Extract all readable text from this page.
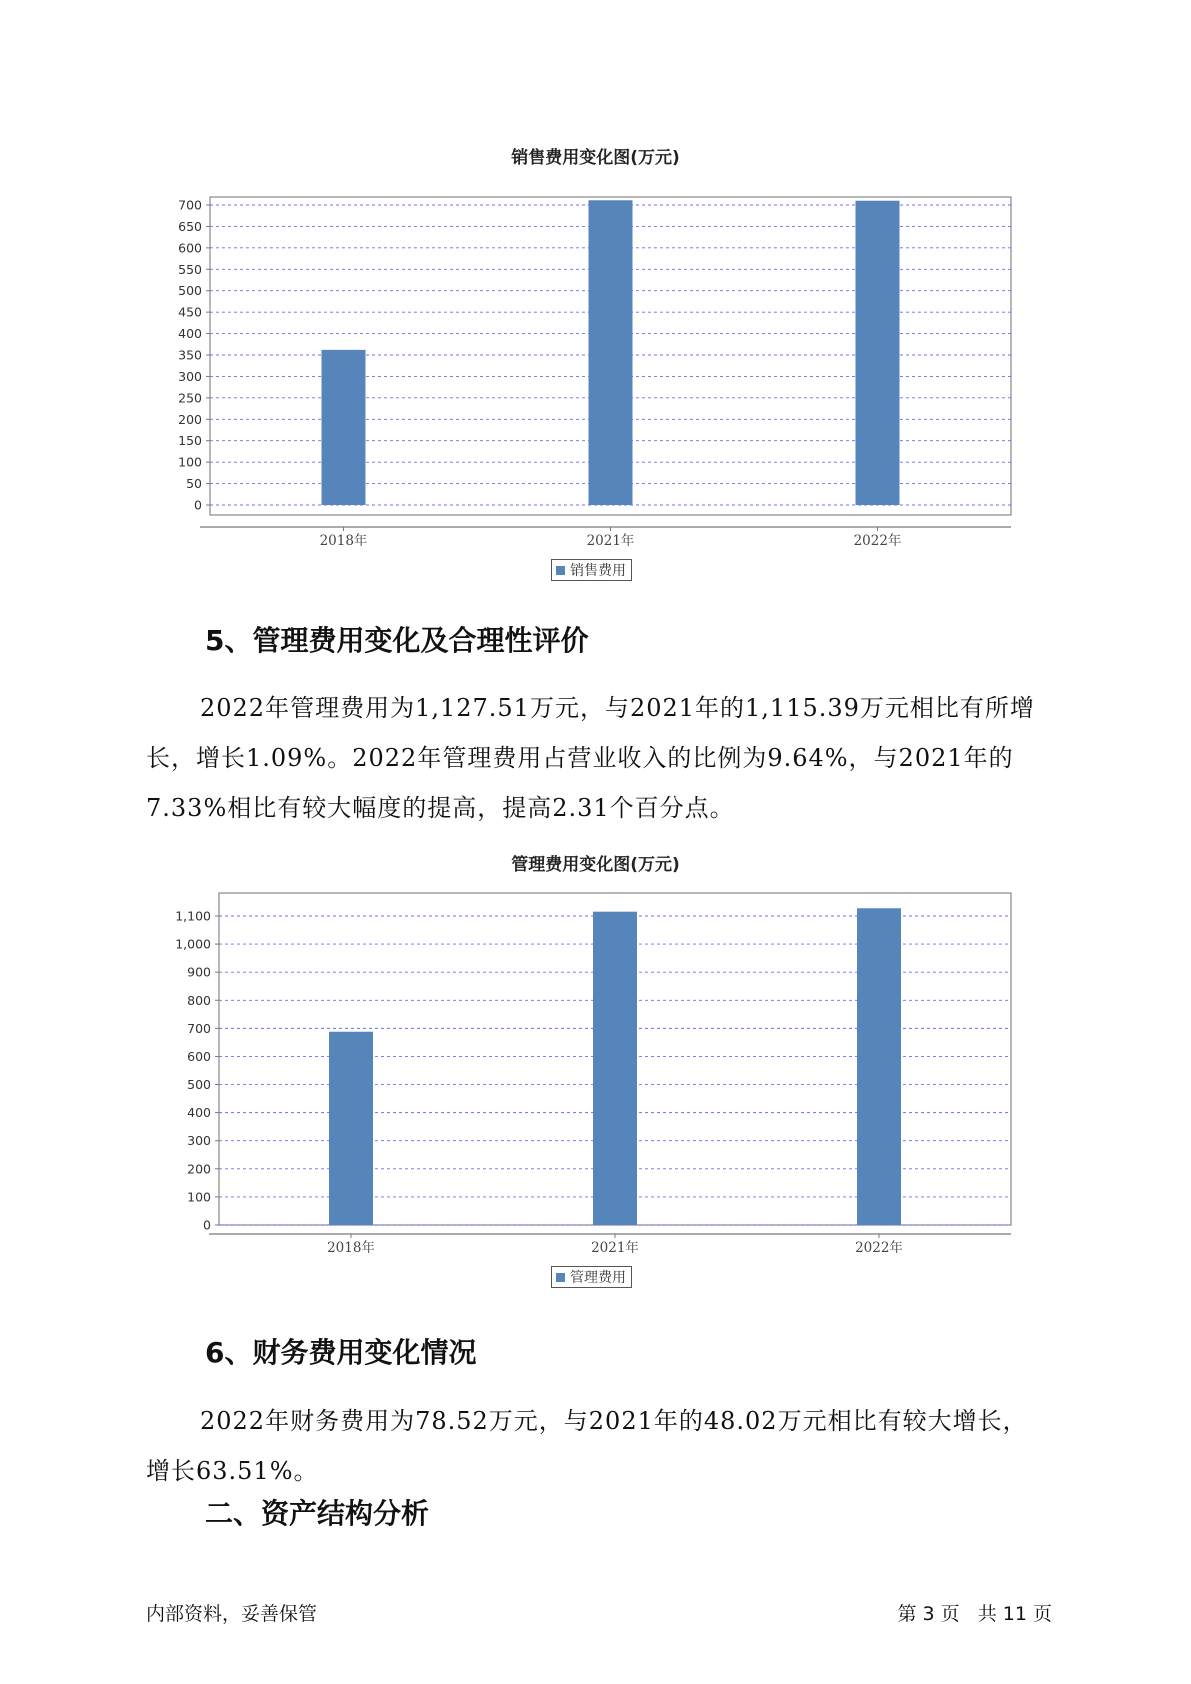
销售费用变化图(万元)
0
50
100
150
200
250
300
350
400
450
500
550
600
650
700
2018年	2021年	2022年
销售费用
5、管理费用变化及合理性评价

2022年管理费用为1,127.51万元，与2021年的1,115.39万元相比有所增长，增长1.09%。2022年管理费用占营业收入的比例为9.64%，与2021年的7.33%相比有较大幅度的提高，提高2.31个百分点。

管理费用变化图(万元)
0
100
200
300
400
500
600
700
800
900
1,000
1,100
2018年	2021年	2022年
管理费用
6、财务费用变化情况

2022年财务费用为78.52万元，与2021年的48.02万元相比有较大增长，增长63.51%。

二、资产结构分析
内部资料，妥善保管	第 3 页   共 11 页
